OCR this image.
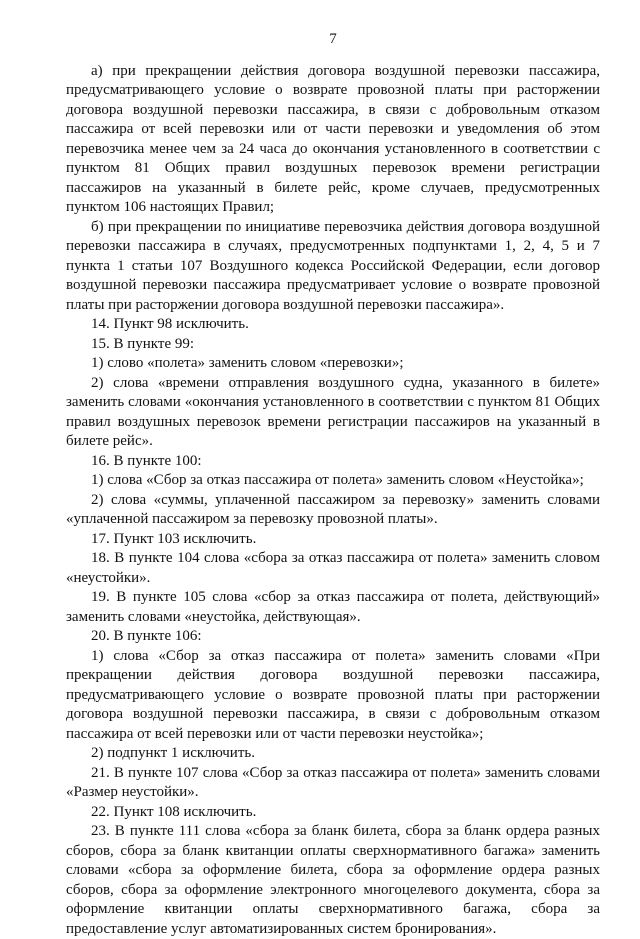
7

а) при прекращении действия договора воздушной перевозки пассажира, предусматривающего условие о возврате провозной платы при расторжении договора воздушной перевозки пассажира, в связи с добровольным отказом пассажира от всей перевозки или от части перевозки и уведомления об этом перевозчика менее чем за 24 часа до окончания установленного в соответствии с пунктом 81 Общих правил воздушных перевозок времени регистрации пассажиров на указанный в билете рейс, кроме случаев, предусмотренных пунктом 106 настоящих Правил;

б) при прекращении по инициативе перевозчика действия договора воздушной перевозки пассажира в случаях, предусмотренных подпунктами 1, 2, 4, 5 и 7 пункта 1 статьи 107 Воздушного кодекса Российской Федерации, если договор воздушной перевозки пассажира предусматривает условие о возврате провозной платы при расторжении договора воздушной перевозки пассажира».

14. Пункт 98 исключить.

15. В пункте 99:

1) слово «полета» заменить словом «перевозки»;

2) слова «времени отправления воздушного судна, указанного в билете» заменить словами «окончания установленного в соответствии с пунктом 81 Общих правил воздушных перевозок времени регистрации пассажиров на указанный в билете рейс».

16. В пункте 100:

1) слова «Сбор за отказ пассажира от полета» заменить словом «Неустойка»;

2) слова «суммы, уплаченной пассажиром за перевозку» заменить словами «уплаченной пассажиром за перевозку провозной платы».

17. Пункт 103 исключить.

18. В пункте 104 слова «сбора за отказ пассажира от полета» заменить словом «неустойки».

19. В пункте 105 слова «сбор за отказ пассажира от полета, действующий» заменить словами «неустойка, действующая».

20. В пункте 106:

1) слова «Сбор за отказ пассажира от полета» заменить словами «При прекращении действия договора воздушной перевозки пассажира, предусматривающего условие о возврате провозной платы при расторжении договора воздушной перевозки пассажира, в связи с добровольным отказом пассажира от всей перевозки или от части перевозки неустойка»;

2) подпункт 1 исключить.

21. В пункте 107 слова «Сбор за отказ пассажира от полета» заменить словами «Размер неустойки».

22. Пункт 108 исключить.

23. В пункте 111 слова «сбора за бланк билета, сбора за бланк ордера разных сборов, сбора за бланк квитанции оплаты сверхнормативного багажа» заменить словами «сбора за оформление билета, сбора за оформление ордера разных сборов, сбора за оформление электронного многоцелевого документа, сбора за оформление квитанции оплаты сверхнормативного багажа, сбора за предоставление услуг автоматизированных систем бронирования».
